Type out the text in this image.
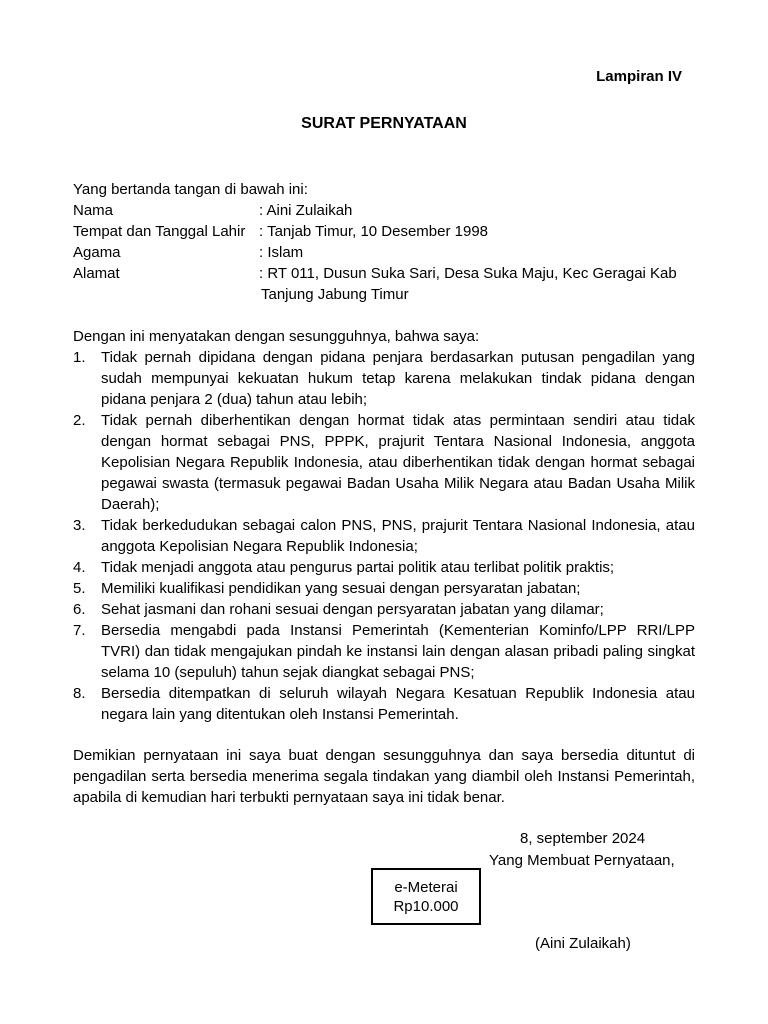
Lampiran IV
SURAT PERNYATAAN
Yang bertanda tangan di bawah ini:
Nama	: Aini Zulaikah
Tempat dan Tanggal Lahir : Tanjab Timur, 10 Desember 1998
Agama	: Islam
Alamat	: RT 011, Dusun Suka Sari, Desa Suka Maju, Kec Geragai Kab
Tanjung Jabung Timur
Dengan ini menyatakan dengan sesungguhnya, bahwa saya:
1.	Tidak pernah dipidana dengan pidana penjara berdasarkan putusan pengadilan yang sudah mempunyai kekuatan hukum tetap karena melakukan tindak pidana dengan pidana penjara 2 (dua) tahun atau lebih;
2.	Tidak pernah diberhentikan dengan hormat tidak atas permintaan sendiri atau tidak dengan hormat sebagai PNS, PPPK, prajurit Tentara Nasional Indonesia, anggota Kepolisian Negara Republik Indonesia, atau diberhentikan tidak dengan hormat sebagai pegawai swasta (termasuk pegawai Badan Usaha Milik Negara atau Badan Usaha Milik Daerah);
3.	Tidak berkedudukan sebagai calon PNS, PNS, prajurit Tentara Nasional Indonesia, atau anggota Kepolisian Negara Republik Indonesia;
4.	Tidak menjadi anggota atau pengurus partai politik atau terlibat politik praktis;
5.	Memiliki kualifikasi pendidikan yang sesuai dengan persyaratan jabatan;
6.	Sehat jasmani dan rohani sesuai dengan persyaratan jabatan yang dilamar;
7.	Bersedia mengabdi pada Instansi Pemerintah (Kementerian Kominfo/LPP RRI/LPP TVRI) dan tidak mengajukan pindah ke instansi lain dengan alasan pribadi paling singkat selama 10 (sepuluh) tahun sejak diangkat sebagai PNS;
8.	Bersedia ditempatkan di seluruh wilayah Negara Kesatuan Republik Indonesia atau negara lain yang ditentukan oleh Instansi Pemerintah.
Demikian pernyataan ini saya buat dengan sesungguhnya dan saya bersedia dituntut di pengadilan serta bersedia menerima segala tindakan yang diambil oleh Instansi Pemerintah, apabila di kemudian hari terbukti pernyataan saya ini tidak benar.
8, september 2024
Yang Membuat Pernyataan,
e-Meterai
Rp10.000
(Aini Zulaikah)
